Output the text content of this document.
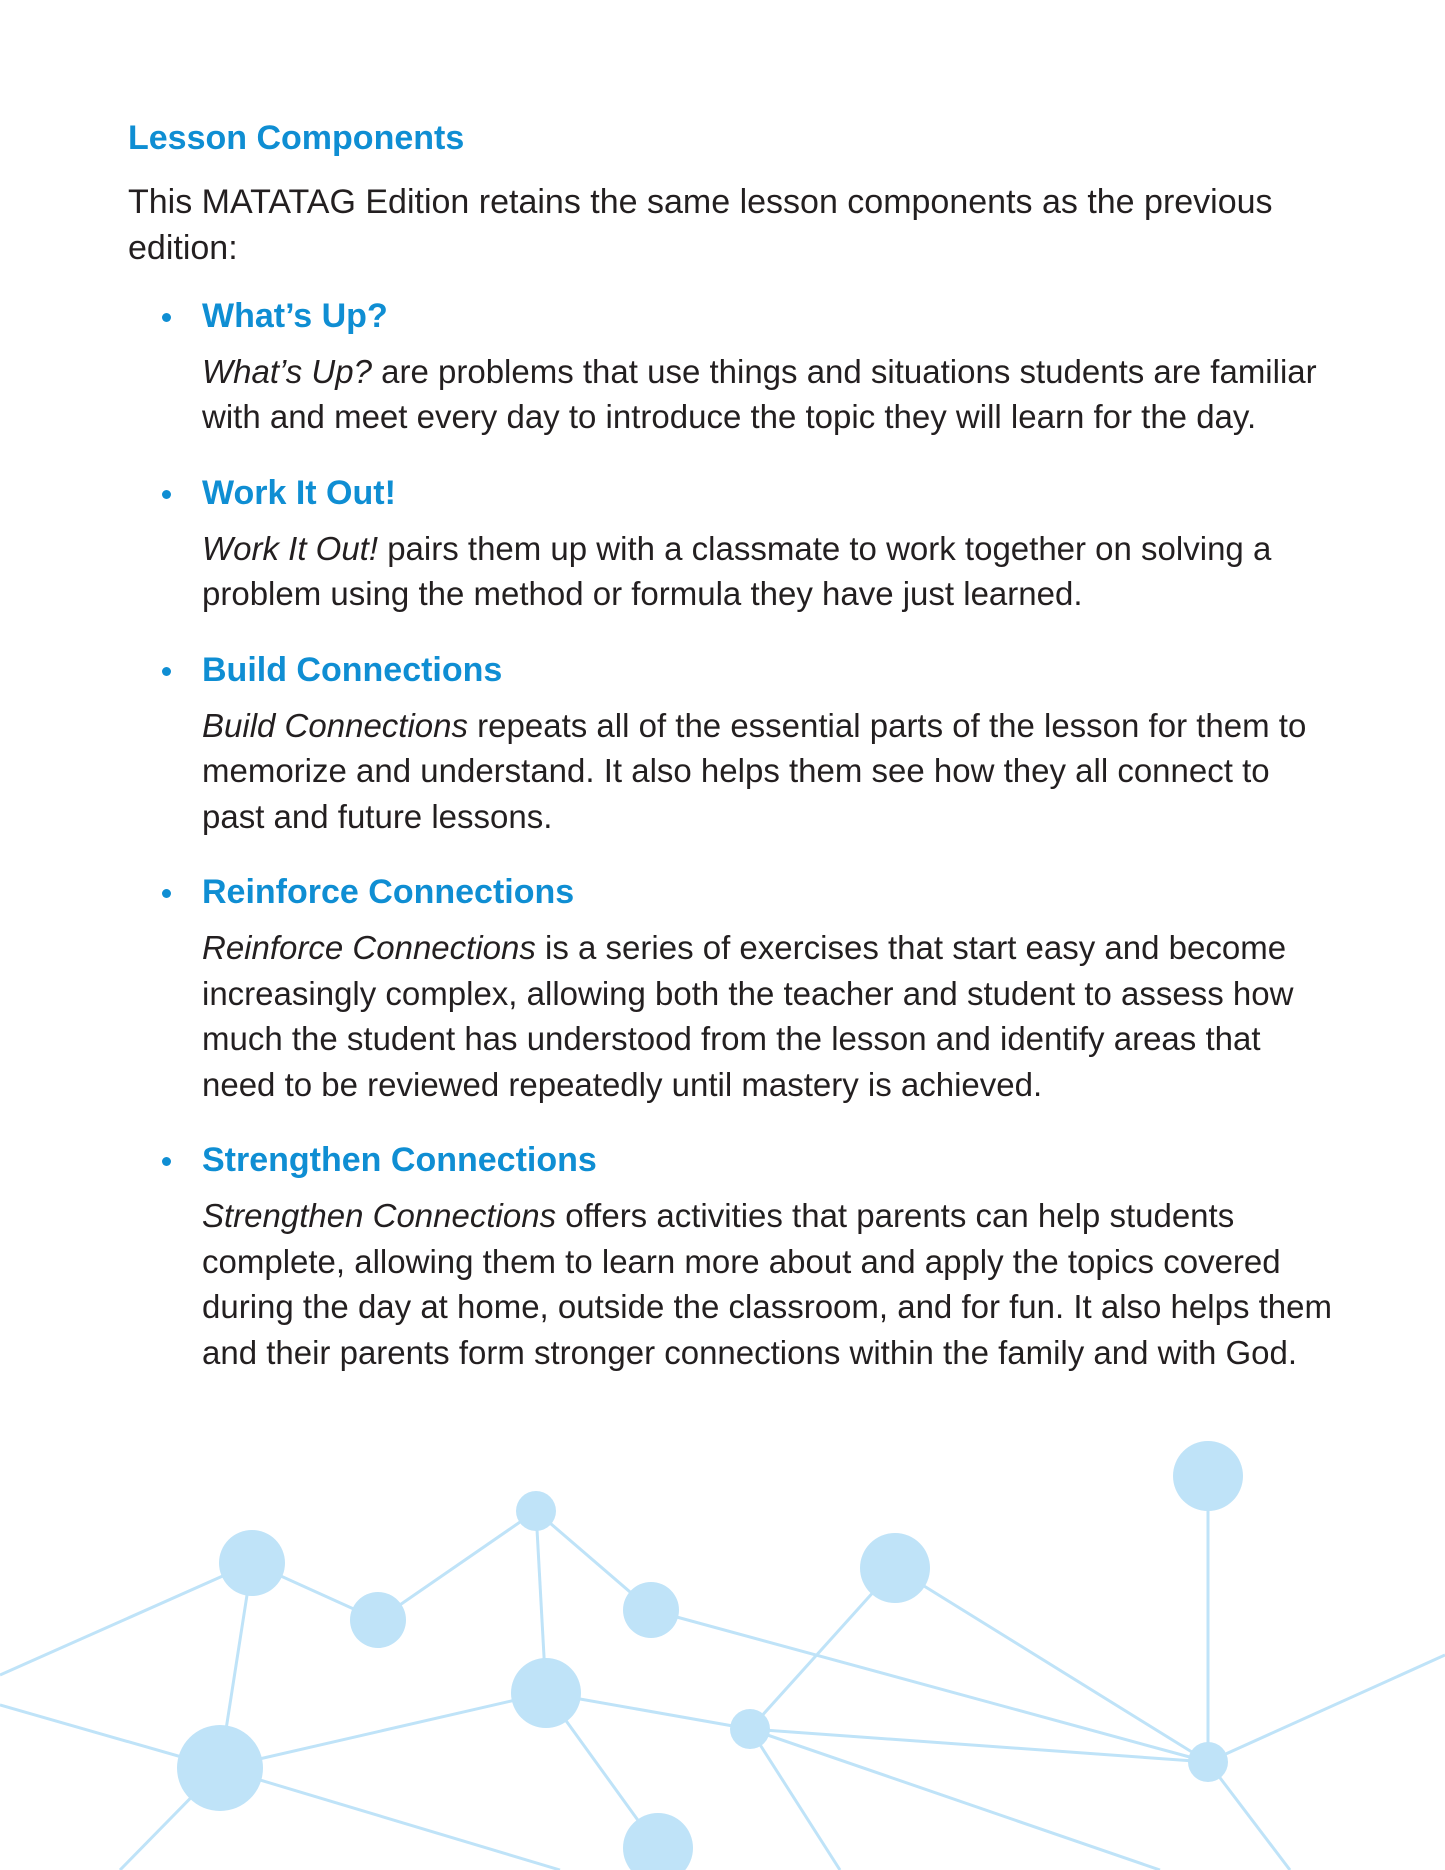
Lesson Components

This MATATAG Edition retains the same lesson components as the previous edition:

What’s Up?

What’s Up? are problems that use things and situations students are familiar with and meet every day to introduce the topic they will learn for the day.

Work It Out!

Work It Out! pairs them up with a classmate to work together on solving a problem using the method or formula they have just learned.

Build Connections

Build Connections repeats all of the essential parts of the lesson for them to memorize and understand. It also helps them see how they all connect to past and future lessons.

Reinforce Connections

Reinforce Connections is a series of exercises that start easy and become increasingly complex, allowing both the teacher and student to assess how much the student has understood from the lesson and identify areas that need to be reviewed repeatedly until mastery is achieved.

Strengthen Connections

Strengthen Connections offers activities that parents can help students complete, allowing them to learn more about and apply the topics covered during the day at home, outside the classroom, and for fun. It also helps them and their parents form stronger connections within the family and with God.
